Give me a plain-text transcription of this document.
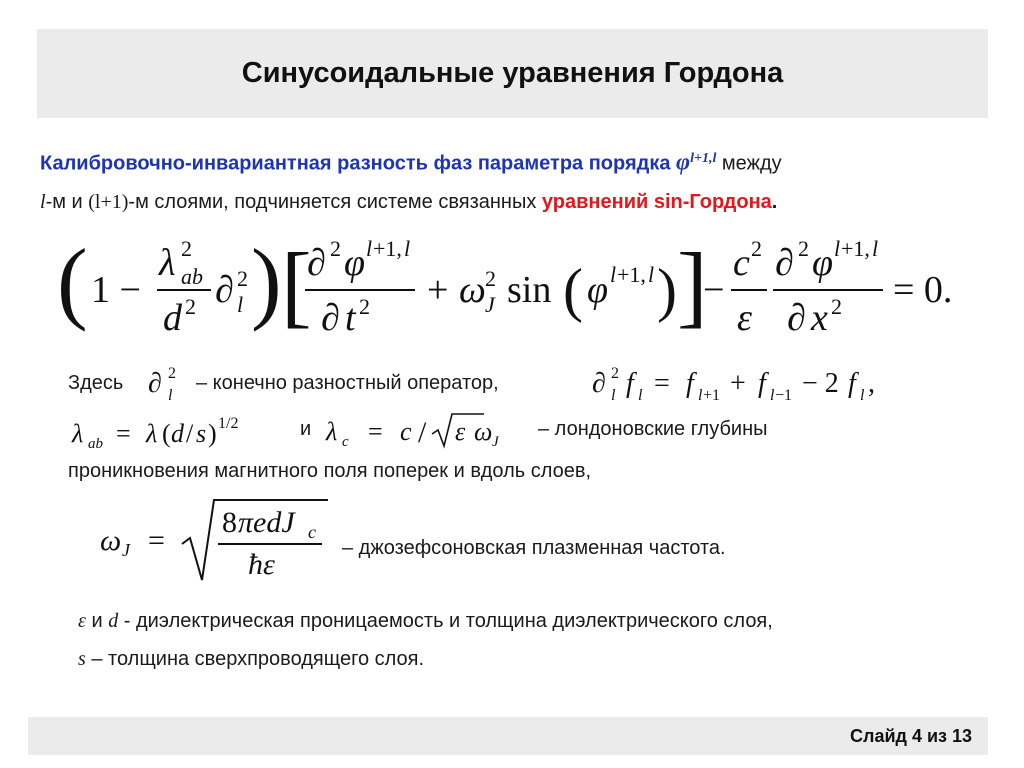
Синусоидальные уравнения Гордона
Калибровочно-инвариантная разность фаз параметра порядка $\varphi^{l+1,l}$ между
l-м и (l+1)-м слоями, подчиняется системе связанных уравнений sin-Гордона.
( 1 −
λ 2
ab
d 2 ∂ 2
l ) [
∂ 2 φ l +1, l
∂ t 2 + ω 2
J sin ( φ l +1, l ) ]
−
c 2
ε
∂ 2 φ l +1, l
∂ x 2 = 0.
Здесь ∂ 2
l
– конечно разностный оператор,	∂ 2
l f l = f l +1 + f l −1 − 2 f l ,
λ ab = λ ( d / s ) 1/2	и λ c = c / ε ω J
– лондоновские глубины
проникновения магнитного поля поперек и вдоль слоев,
ω J =
8 πedJ c
ħε	– джозефсоновская плазменная частота.
ε и d - диэлектрическая проницаемость и толщина диэлектрического слоя,
s – толщина сверхпроводящего слоя.
Слайд 4 из 13
